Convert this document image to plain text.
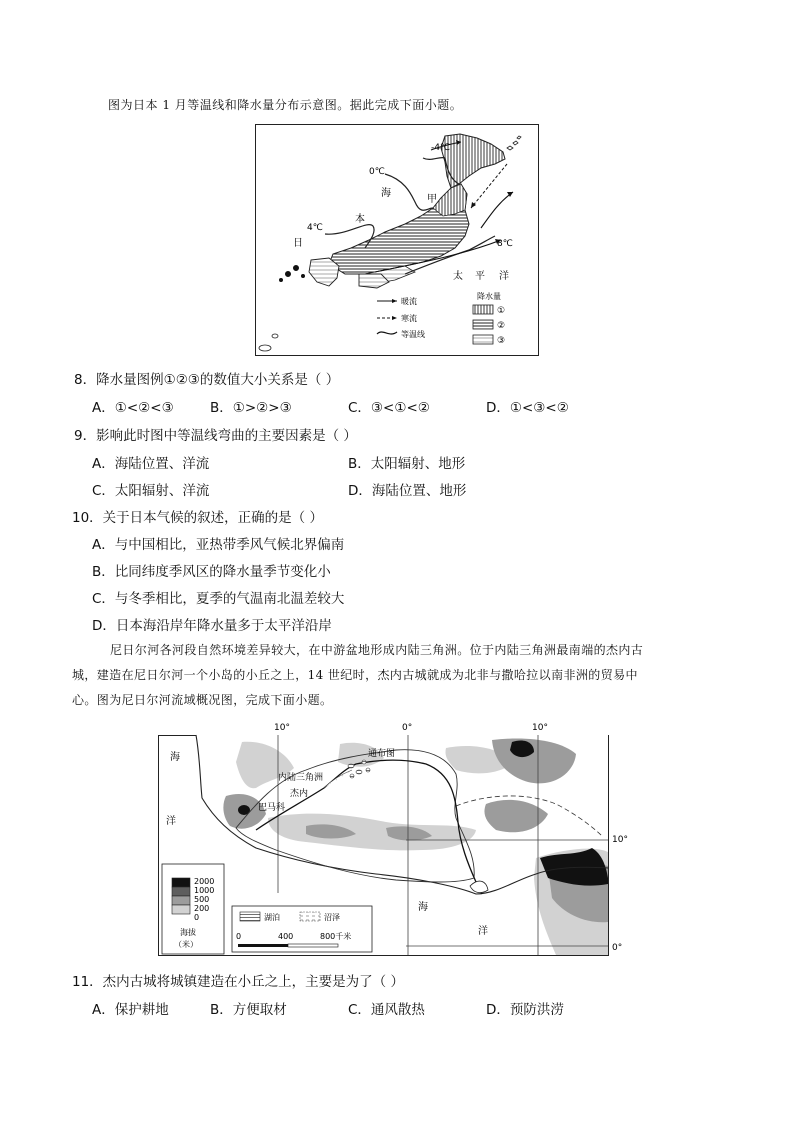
图为日本 1 月等温线和降水量分布示意图。据此完成下面小题。
-4℃
0℃
4℃
8℃
海
甲
本
日
太 平 洋
暖流
寒流
等温线
降水量
①
②
③
8．降水量图例①②③的数值大小关系是（ ）
A．①<②<③	B．①>②>③	C．③<①<②	D．①<③<②
9．影响此时图中等温线弯曲的主要因素是（ ）
A．海陆位置、洋流	B．太阳辐射、地形
C．太阳辐射、洋流	D．海陆位置、地形
10．关于日本气候的叙述，正确的是（ ）
A．与中国相比，亚热带季风气候北界偏南
B．比同纬度季风区的降水量季节变化小
C．与冬季相比，夏季的气温南北温差较大
D．日本海沿岸年降水量多于太平洋沿岸
尼日尔河各河段自然环境差异较大，在中游盆地形成内陆三角洲。位于内陆三角洲最南端的杰内古
城，建造在尼日尔河一个小岛的小丘之上，14 世纪时，杰内古城就成为北非与撒哈拉以南非洲的贸易中
心。图为尼日尔河流域概况图，完成下面小题。
10°	0°	10°
通布图
内陆三角洲
杰内
巴马科
海
洋
海
洋
10°
0°
2000
1000
500
200
0
海拔
（米）
湖泊	沼泽
0	400	800千米
11．杰内古城将城镇建造在小丘之上，主要是为了（ ）
A．保护耕地	B．方便取材	C．通风散热	D．预防洪涝
